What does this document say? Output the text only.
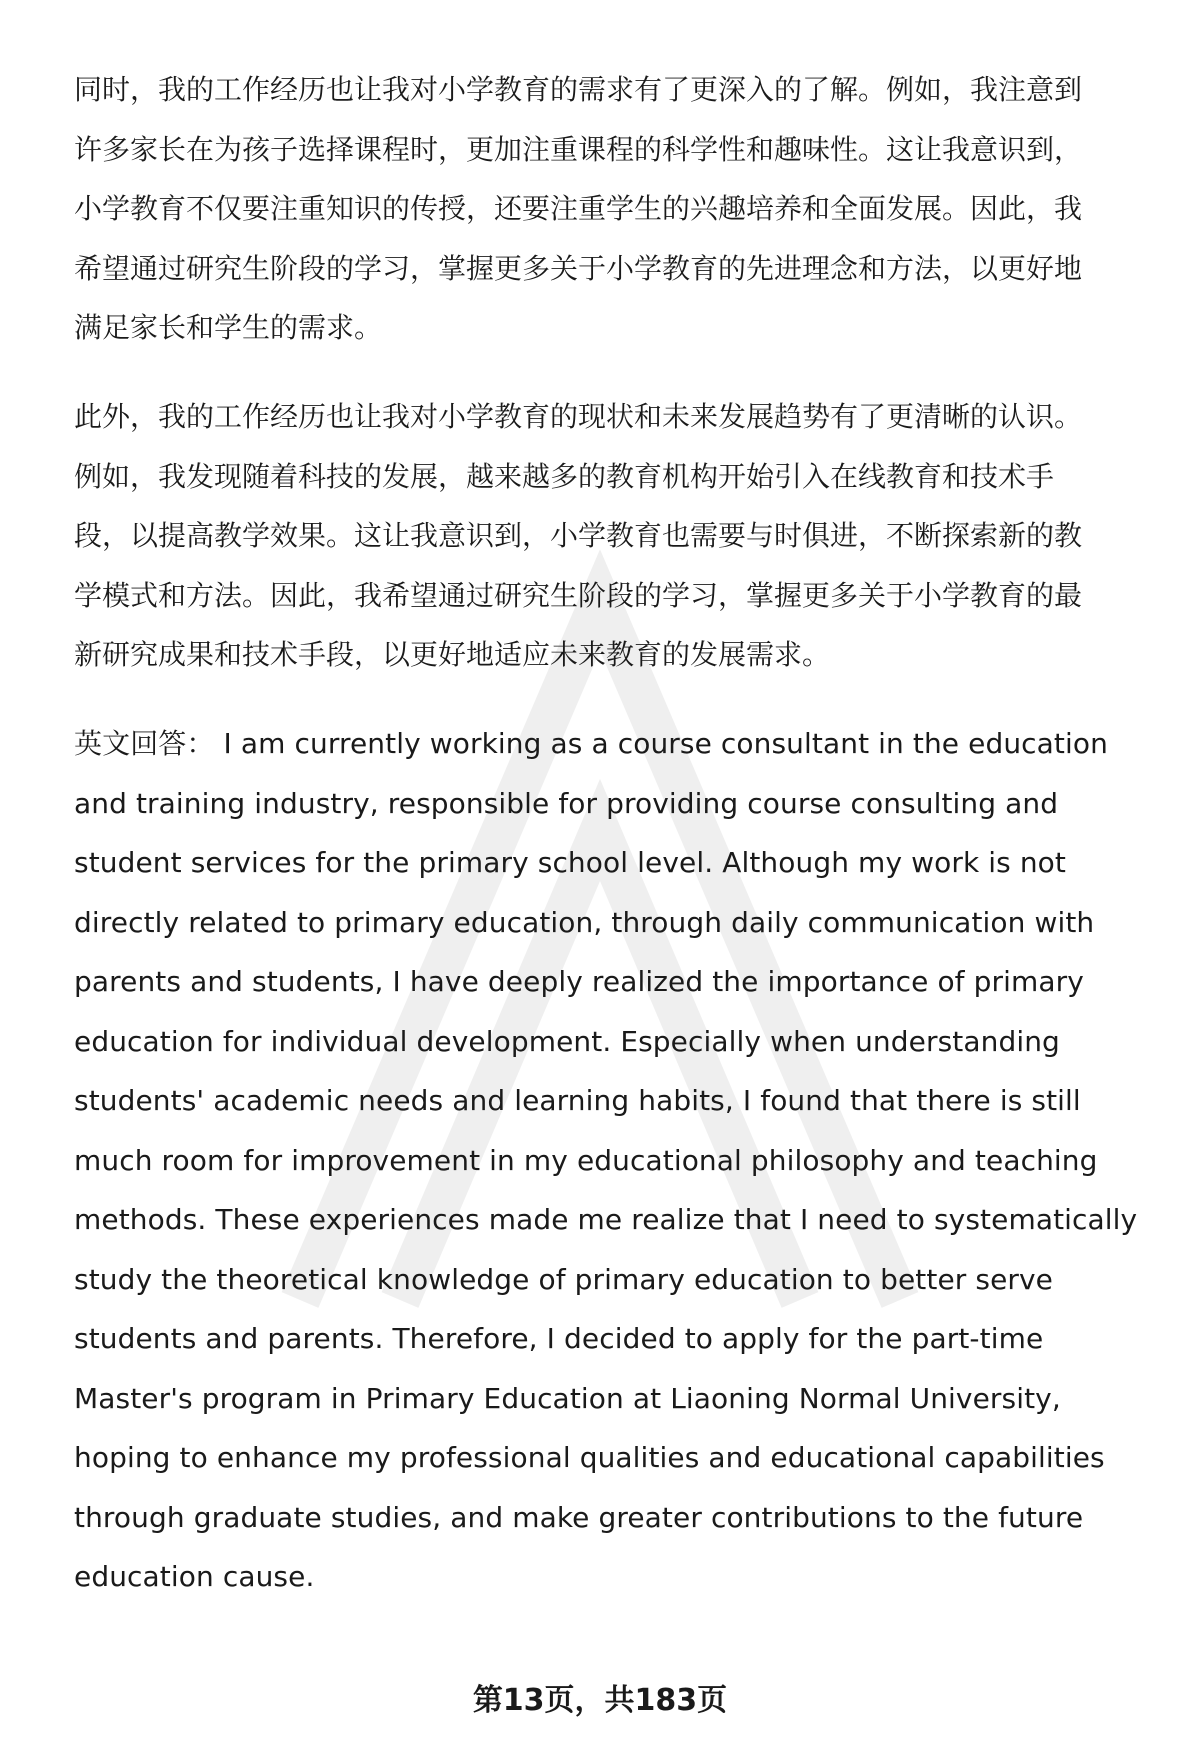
同时，我的工作经历也让我对小学教育的需求有了更深入的了解。例如，我注意到
许多家长在为孩子选择课程时，更加注重课程的科学性和趣味性。这让我意识到，
小学教育不仅要注重知识的传授，还要注重学生的兴趣培养和全面发展。因此，我
希望通过研究生阶段的学习，掌握更多关于小学教育的先进理念和方法，以更好地
满足家长和学生的需求。
此外，我的工作经历也让我对小学教育的现状和未来发展趋势有了更清晰的认识。
例如，我发现随着科技的发展，越来越多的教育机构开始引入在线教育和技术手
段，以提高教学效果。这让我意识到，小学教育也需要与时俱进，不断探索新的教
学模式和方法。因此，我希望通过研究生阶段的学习，掌握更多关于小学教育的最
新研究成果和技术手段，以更好地适应未来教育的发展需求。
英文回答： I am currently working as a course consultant in the education
and training industry, responsible for providing course consulting and
student services for the primary school level. Although my work is not
directly related to primary education, through daily communication with
parents and students, I have deeply realized the importance of primary
education for individual development. Especially when understanding
students' academic needs and learning habits, I found that there is still
much room for improvement in my educational philosophy and teaching
methods. These experiences made me realize that I need to systematically
study the theoretical knowledge of primary education to better serve
students and parents. Therefore, I decided to apply for the part-time
Master's program in Primary Education at Liaoning Normal University,
hoping to enhance my professional qualities and educational capabilities
through graduate studies, and make greater contributions to the future
education cause.
第13页，共183页
